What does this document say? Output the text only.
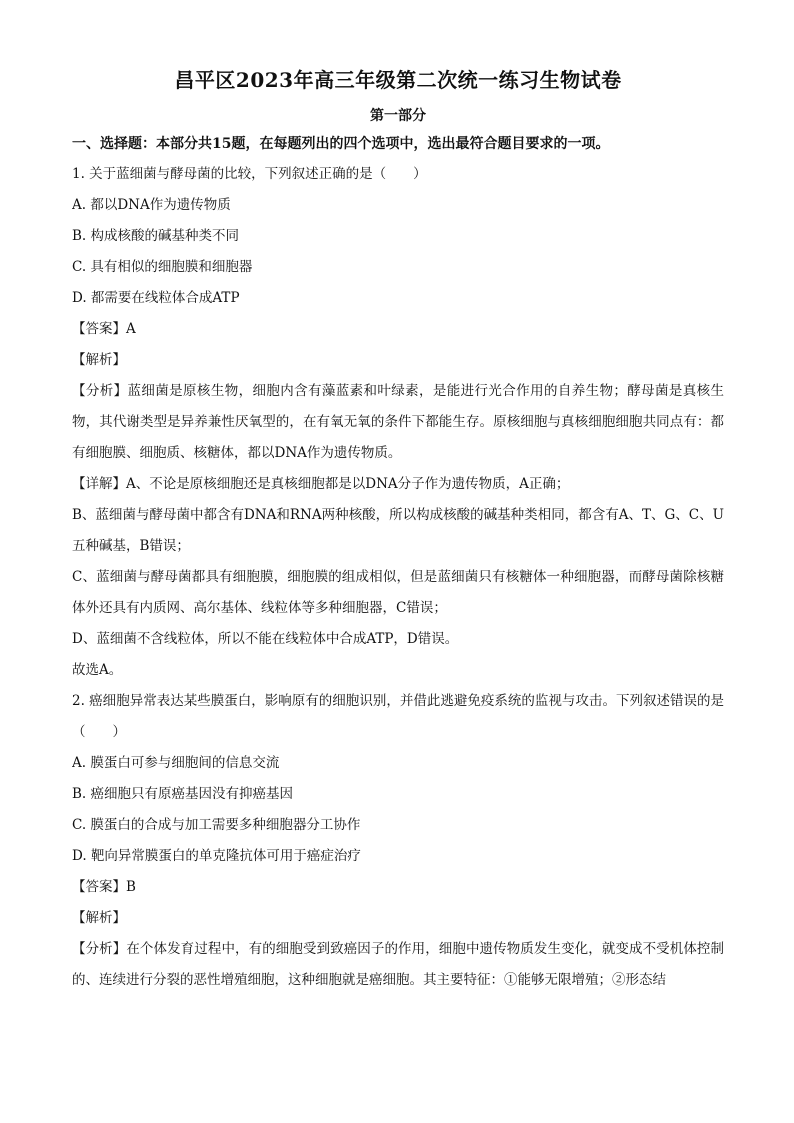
昌平区2023年高三年级第二次统一练习生物试卷
第一部分
一、选择题：本部分共15题，在每题列出的四个选项中，选出最符合题目要求的一项。

1. 关于蓝细菌与酵母菌的比较，下列叙述正确的是（　　）

A. 都以DNA作为遗传物质

B. 构成核酸的碱基种类不同

C. 具有相似的细胞膜和细胞器

D. 都需要在线粒体合成ATP

【答案】A

【解析】

【分析】蓝细菌是原核生物，细胞内含有藻蓝素和叶绿素，是能进行光合作用的自养生物；酵母菌是真核生物，其代谢类型是异养兼性厌氧型的，在有氧无氧的条件下都能生存。原核细胞与真核细胞细胞共同点有：都有细胞膜、细胞质、核糖体，都以DNA作为遗传物质。

【详解】A、不论是原核细胞还是真核细胞都是以DNA分子作为遗传物质，A正确；

B、蓝细菌与酵母菌中都含有DNA和RNA两种核酸，所以构成核酸的碱基种类相同，都含有A、T、G、C、U五种碱基，B错误；

C、蓝细菌与酵母菌都具有细胞膜，细胞膜的组成相似，但是蓝细菌只有核糖体一种细胞器，而酵母菌除核糖体外还具有内质网、高尔基体、线粒体等多种细胞器，C错误；

D、蓝细菌不含线粒体，所以不能在线粒体中合成ATP，D错误。

故选A。

2. 癌细胞异常表达某些膜蛋白，影响原有的细胞识别，并借此逃避免疫系统的监视与攻击。下列叙述错误的是（　　）

A. 膜蛋白可参与细胞间的信息交流

B. 癌细胞只有原癌基因没有抑癌基因

C. 膜蛋白的合成与加工需要多种细胞器分工协作

D. 靶向异常膜蛋白的单克隆抗体可用于癌症治疗

【答案】B

【解析】

【分析】在个体发育过程中，有的细胞受到致癌因子的作用，细胞中遗传物质发生变化，就变成不受机体控制的、连续进行分裂的恶性增殖细胞，这种细胞就是癌细胞。其主要特征：①能够无限增殖；②形态结
